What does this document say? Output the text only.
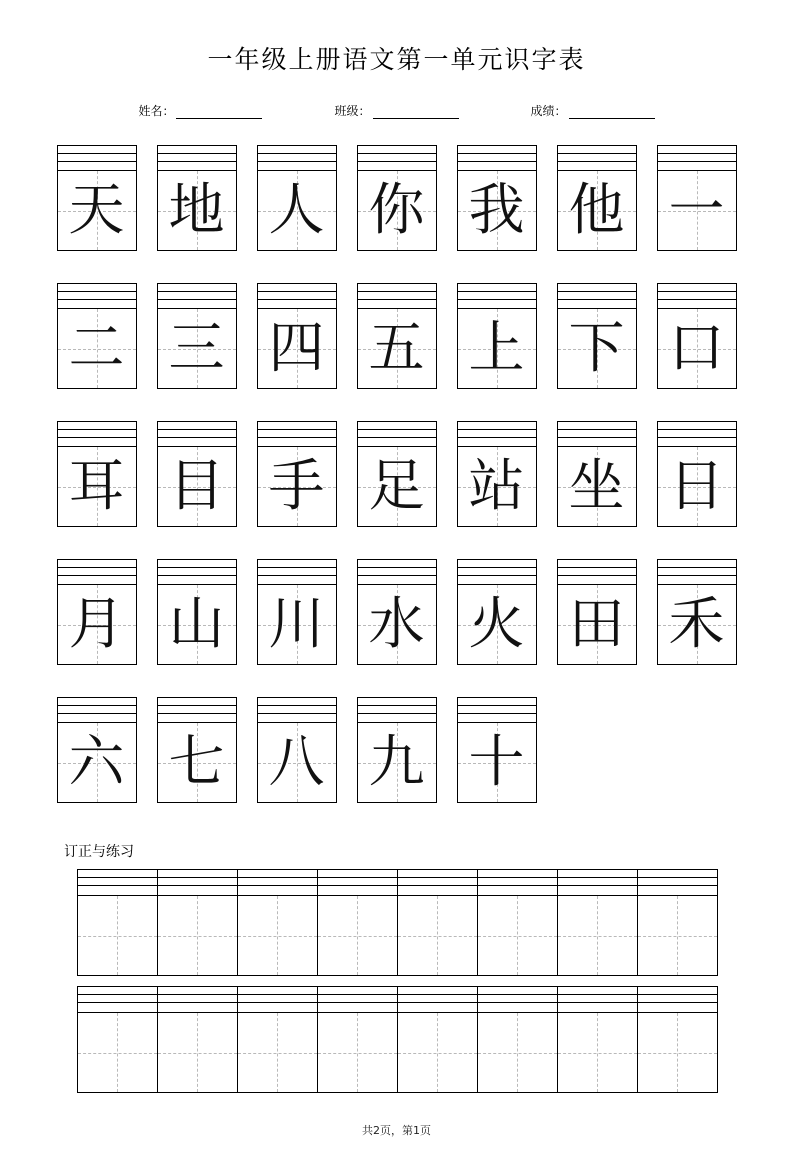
一年级上册语文第一单元识字表
姓名：	班级：	成绩：
天 地 人 你 我 他 一
二 三 四 五 上 下 口
耳 目 手 足 站 坐 日
月 山 川 水 火 田 禾
六 七 八 九 十
订正与练习
共2页，第1页
